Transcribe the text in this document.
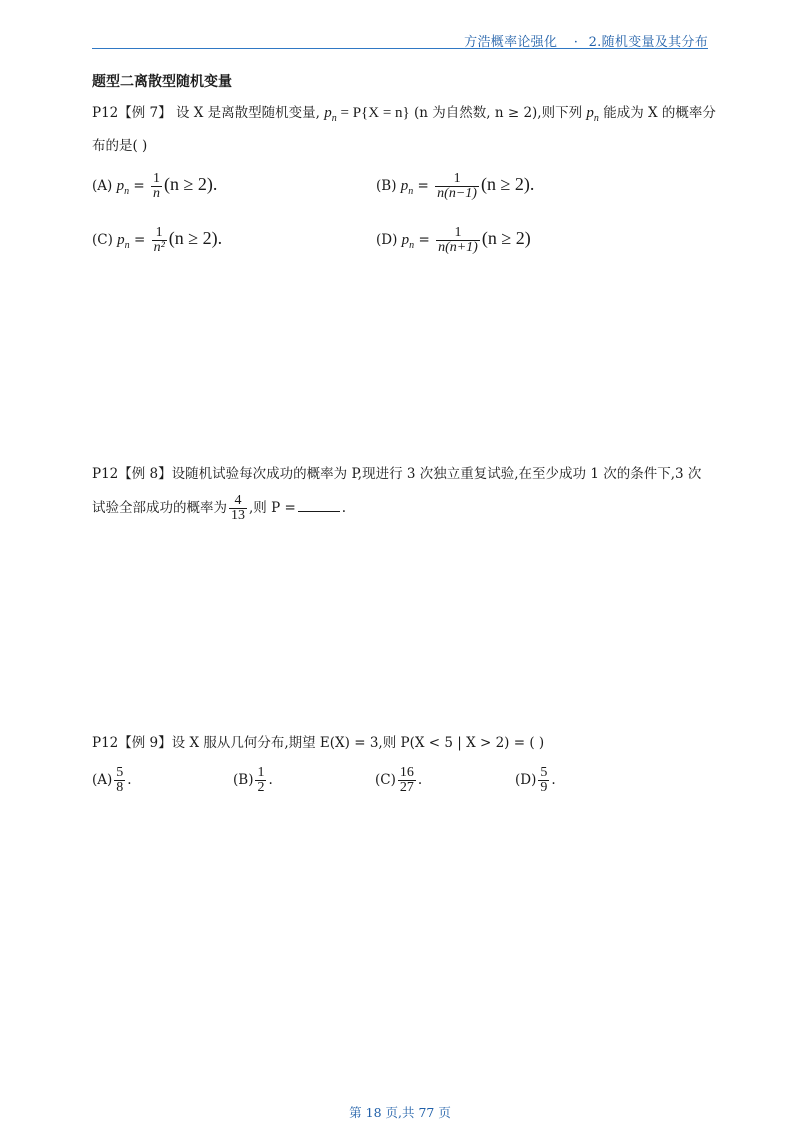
方浩概率论强化 · 2.随机变量及其分布
题型二离散型随机变量
P12【例 7】 设 X 是离散型随机变量, $p_n = P\{X = n\}$ (n 为自然数, n ≥ 2),则下列 $p_n$ 能成为 X 的概率分
布的是( )
(A) $p_n = \frac{1}{n} (n \ge 2)$.	(B) $p_n = \frac{1}{n(n-1)} (n \ge 2)$.
(C) $p_n = \frac{1}{\text{n²}} (n \ge 2)$.	(D) $p_n = \frac{1}{n(n+1)} (n \ge 2)$
P12【例 8】设随机试验每次成功的概率为 P,现进行 3 次独立重复试验,在至少成功 1 次的条件下,3 次
试验全部成功的概率为 $\frac{4}{13}$ ,则 P =	.
P12【例 9】设 X 服从几何分布,期望 E(X) = 3,则 P(X < 5 | X > 2) = ( )
$(A) \frac{5}{8}$ .	$(B) \frac{1}{2}$ .	$(C) \frac{16}{27}$ .	$(D) \frac{5}{9}$ .
第 18 页,共 77 页
